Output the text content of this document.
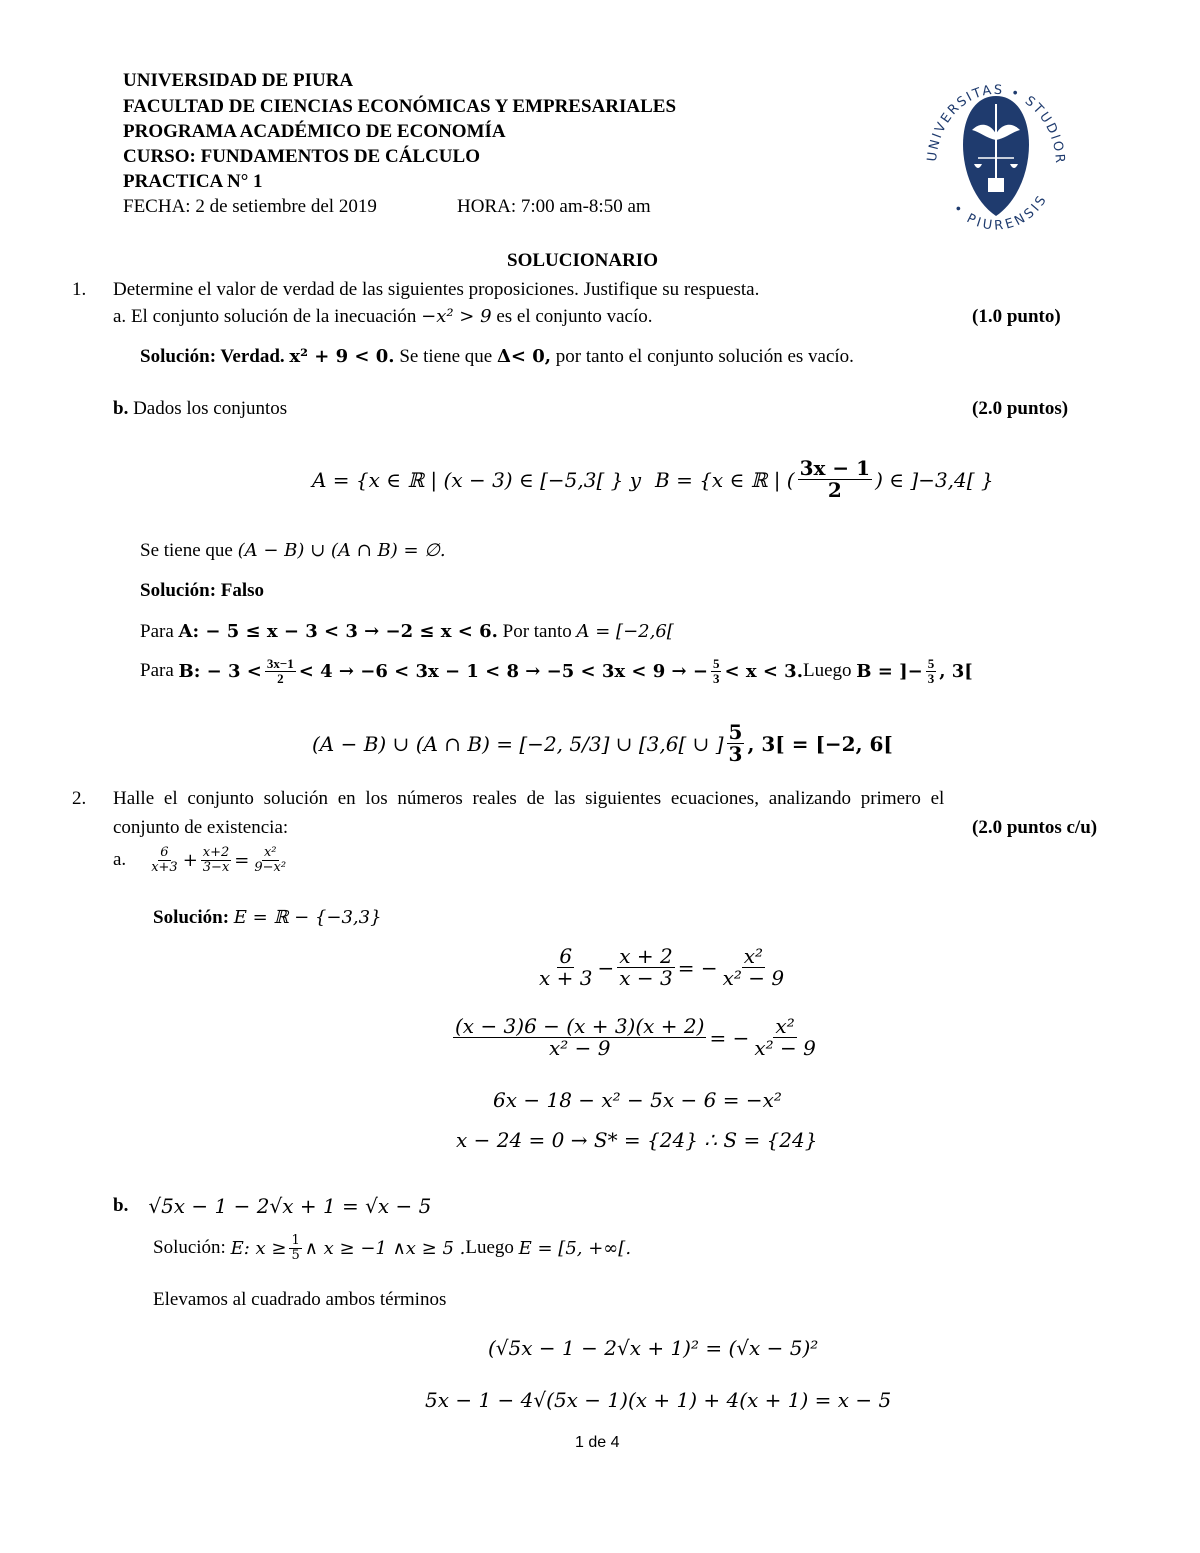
UNIVERSIDAD DE PIURA
FACULTAD DE CIENCIAS ECONÓMICAS Y EMPRESARIALES
PROGRAMA ACADÉMICO DE ECONOMÍA
CURSO: FUNDAMENTOS DE CÁLCULO
PRACTICA N° 1
FECHA: 2 de setiembre del 2019	HORA: 7:00 am-8:50 am
UNIVERSITAS • STUDIOR
• PIURENSIS
SOLUCIONARIO
1. Determine el valor de verdad de las siguientes proposiciones. Justifique su respuesta.
a. El conjunto solución de la inecuación −x² > 9 es el conjunto vacío.	(1.0 punto)
Solución: Verdad. x² + 9 < 0. Se tiene que Δ< 0, por tanto el conjunto solución es vacío.
b. Dados los conjuntos	(2.0 puntos)
A = {x ∈ ℝ | (x − 3) ∈ [−5,3[ } y B = {x ∈ ℝ | ( $\frac{3x - 1}{2}$ ) ∈ ]−3,4[ }
Se tiene que (A − B) ∪ (A ∩ B) = ∅.
Solución: Falso
Para A: − 5 ≤ x − 3 < 3 → −2 ≤ x < 6. Por tanto A = [−2,6[
Para
B: − $3 < \frac{3x-1}{2} < 4 \to -6 < 3x - 1 < 8 \to -5 < 3x < 9$ → − $\frac{5}{3} < x < 3$. Luego
B = ]− $\frac{5}{3}$ , 3[
(A − B) ∪ (A ∩ B) = [−2, 5/3] ∪ [3,6[ ∪ ] $\frac{5}{3}$ , 3[ = [−2, 6[
2. Halle el conjunto solución en los números reales de las siguientes ecuaciones, analizando primero el
conjunto de existencia:	(2.0 puntos c/u)
a. $\frac{6}{x+3} + \frac{x+2}{3-x} = \frac{\text{x²}}{\text{9−x²}}$
Solución: E = ℝ − {−3,3}
$\frac{6}{x + 3} - \frac{x + 2}{x - 3}$ = − $\frac{\text{x²}}{\text{x² − 9}}$
$\frac{(x - 3)6 - (x + 3)(x + 2)}{\text{x² − 9}}$ = − $\frac{\text{x²}}{\text{x² − 9}}$
6x − 18 − x² − 5x − 6 = −x²
x − 24 = 0 → S* = {24} ∴ S = {24}
b. √5x − 1 − 2√x + 1 = √x − 5
Solución:
E: $x \ge \frac{1}{5}$ ∧ x ≥ −1 ∧x ≥ 5 . Luego
E = [5, +∞[.
Elevamos al cuadrado ambos términos
(√5x − 1 − 2√x + 1)² = (√x − 5)²
5x − 1 − 4√(5x − 1)(x + 1) + 4(x + 1) = x − 5
1 de 4
